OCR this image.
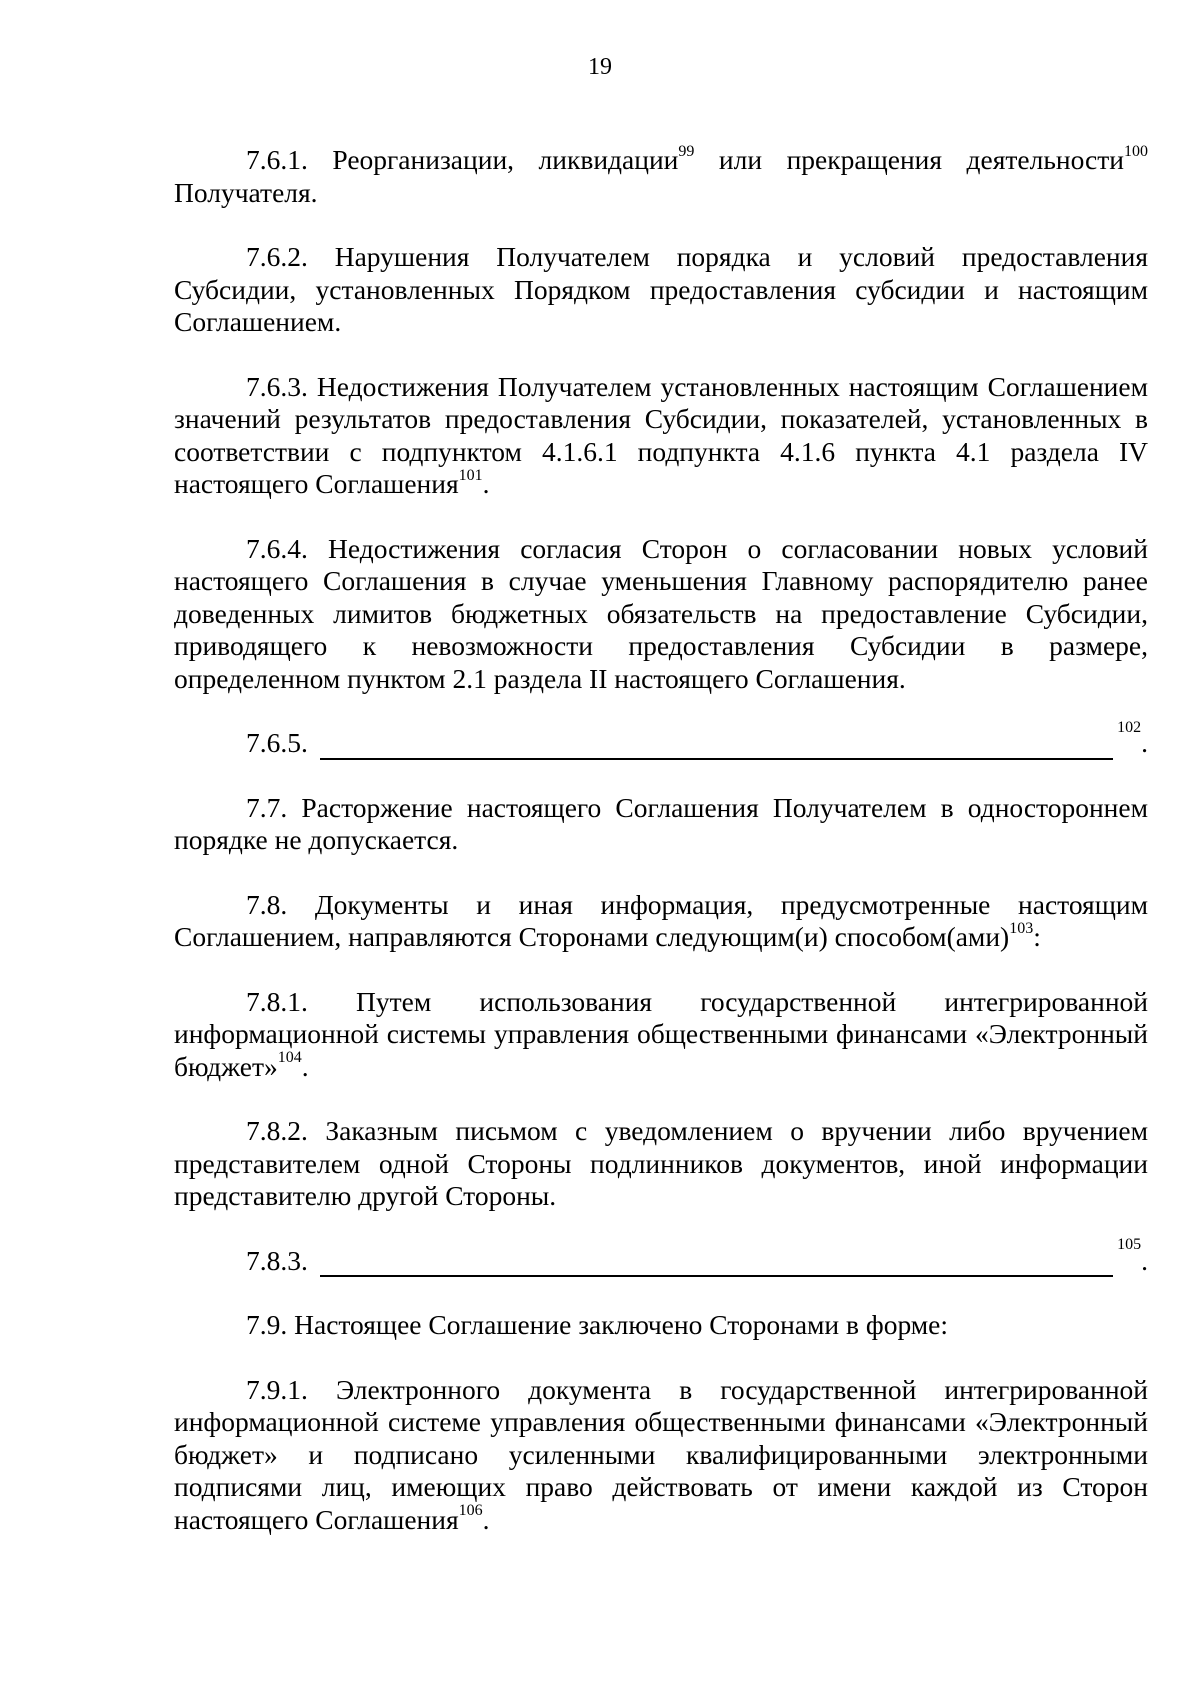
19

7.6.1. Реорганизации, ликвидации$^{99}$ или прекращения деятельности$^{100}$ Получателя.

7.6.2. Нарушения Получателем порядка и условий предоставления Субсидии, установленных Порядком предоставления субсидии и настоящим Соглашением.

7.6.3. Недостижения Получателем установленных настоящим Соглашением значений результатов предоставления Субсидии, показателей, установленных в соответствии с подпунктом 4.1.6.1 подпункта 4.1.6 пункта 4.1 раздела IV настоящего Соглашения$^{101}$.

7.6.4. Недостижения согласия Сторон о согласовании новых условий настоящего Соглашения в случае уменьшения Главному распорядителю ранее доведенных лимитов бюджетных обязательств на предоставление Субсидии, приводящего к невозможности предоставления Субсидии в размере, определенном пунктом 2.1 раздела II настоящего Соглашения.

7.6.5.	$^{102}$.

7.7. Расторжение настоящего Соглашения Получателем в одностороннем порядке не допускается.

7.8. Документы и иная информация, предусмотренные настоящим Соглашением, направляются Сторонами следующим(и) способом(ами)$^{103}$:

7.8.1. Путем использования государственной интегрированной информационной системы управления общественными финансами «Электронный бюджет»$^{104}$.

7.8.2. Заказным письмом с уведомлением о вручении либо вручением представителем одной Стороны подлинников документов, иной информации представителю другой Стороны.

7.8.3.	$^{105}$.

7.9. Настоящее Соглашение заключено Сторонами в форме:

7.9.1. Электронного документа в государственной интегрированной информационной системе управления общественными финансами «Электронный бюджет» и подписано усиленными квалифицированными электронными подписями лиц, имеющих право действовать от имени каждой из Сторон настоящего Соглашения$^{106}$.
